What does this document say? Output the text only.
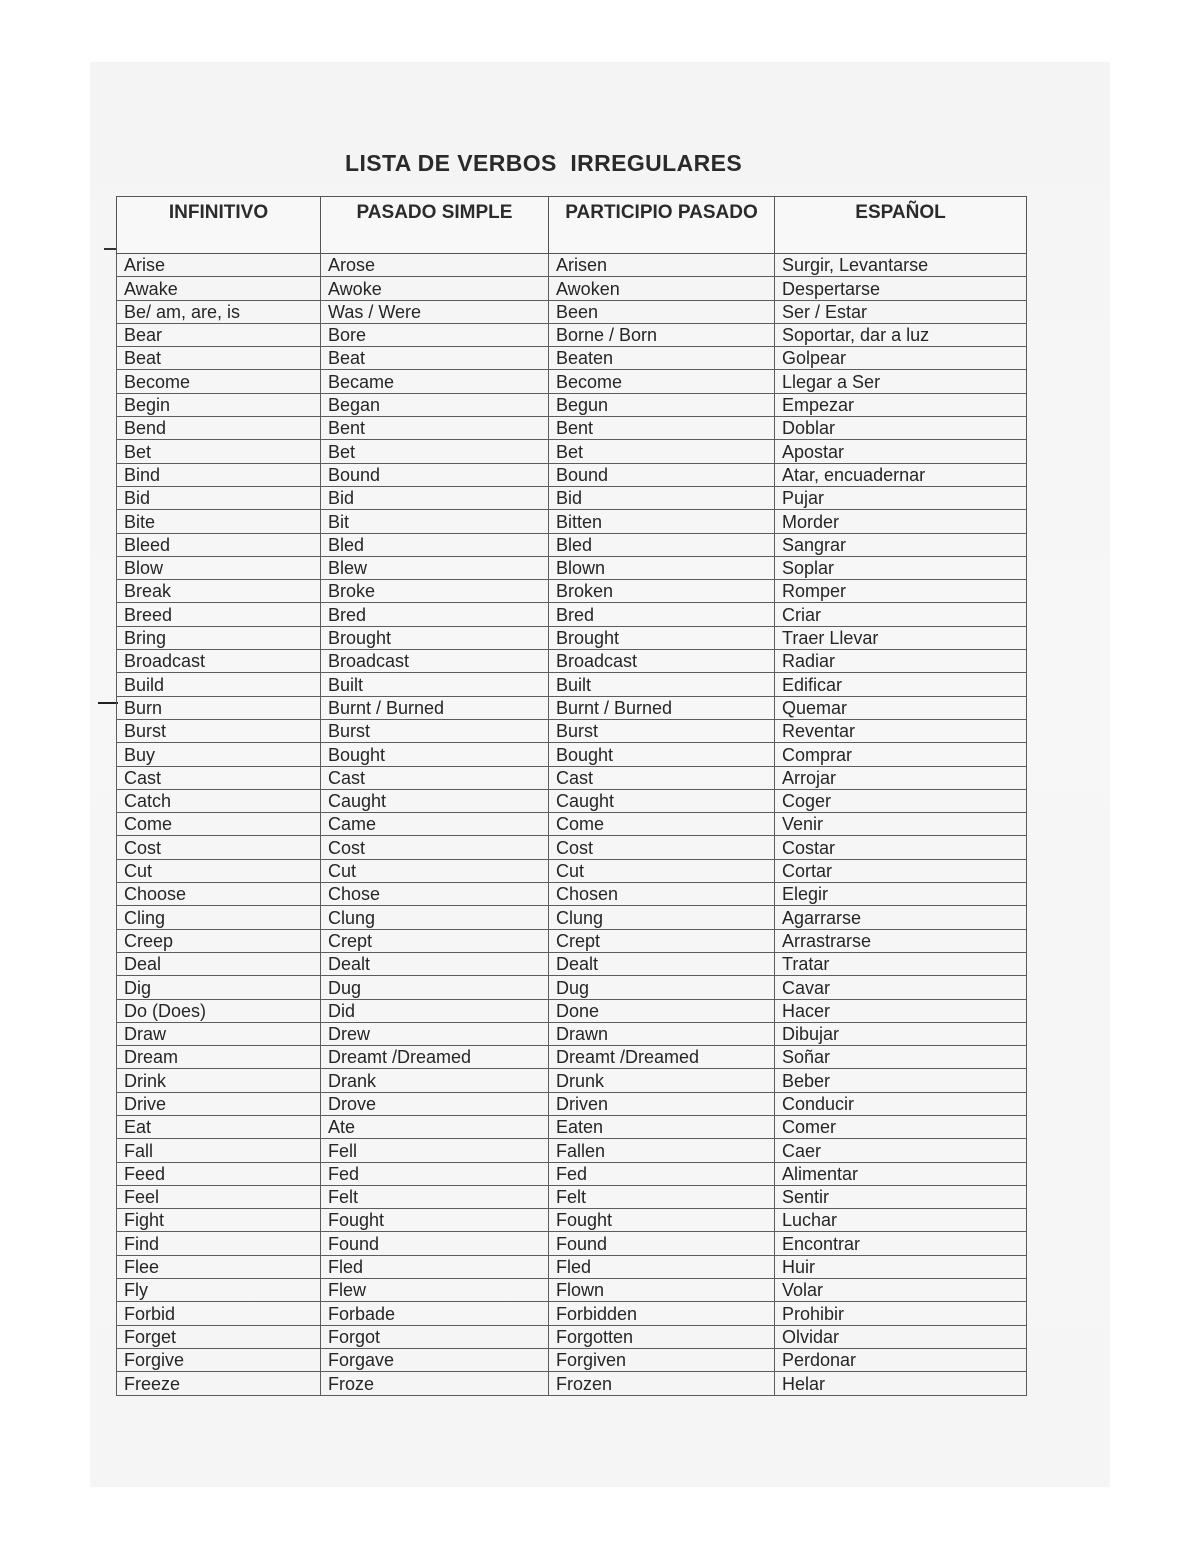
LISTA DE VERBOS  IRREGULARES
INFINITIVO	PASADO SIMPLE	PARTICIPIO PASADO	ESPAÑOL
Arise	Arose	Arisen	Surgir, Levantarse
Awake	Awoke	Awoken	Despertarse
Be/ am, are, is	Was / Were	Been	Ser / Estar
Bear	Bore	Borne / Born	Soportar, dar a luz
Beat	Beat	Beaten	Golpear
Become	Became	Become	Llegar a Ser
Begin	Began	Begun	Empezar
Bend	Bent	Bent	Doblar
Bet	Bet	Bet	Apostar
Bind	Bound	Bound	Atar, encuadernar
Bid	Bid	Bid	Pujar
Bite	Bit	Bitten	Morder
Bleed	Bled	Bled	Sangrar
Blow	Blew	Blown	Soplar
Break	Broke	Broken	Romper
Breed	Bred	Bred	Criar
Bring	Brought	Brought	Traer Llevar
Broadcast	Broadcast	Broadcast	Radiar
Build	Built	Built	Edificar
Burn	Burnt / Burned	Burnt / Burned	Quemar
Burst	Burst	Burst	Reventar
Buy	Bought	Bought	Comprar
Cast	Cast	Cast	Arrojar
Catch	Caught	Caught	Coger
Come	Came	Come	Venir
Cost	Cost	Cost	Costar
Cut	Cut	Cut	Cortar
Choose	Chose	Chosen	Elegir
Cling	Clung	Clung	Agarrarse
Creep	Crept	Crept	Arrastrarse
Deal	Dealt	Dealt	Tratar
Dig	Dug	Dug	Cavar
Do (Does)	Did	Done	Hacer
Draw	Drew	Drawn	Dibujar
Dream	Dreamt /Dreamed	Dreamt /Dreamed	Soñar
Drink	Drank	Drunk	Beber
Drive	Drove	Driven	Conducir
Eat	Ate	Eaten	Comer
Fall	Fell	Fallen	Caer
Feed	Fed	Fed	Alimentar
Feel	Felt	Felt	Sentir
Fight	Fought	Fought	Luchar
Find	Found	Found	Encontrar
Flee	Fled	Fled	Huir
Fly	Flew	Flown	Volar
Forbid	Forbade	Forbidden	Prohibir
Forget	Forgot	Forgotten	Olvidar
Forgive	Forgave	Forgiven	Perdonar
Freeze	Froze	Frozen	Helar
